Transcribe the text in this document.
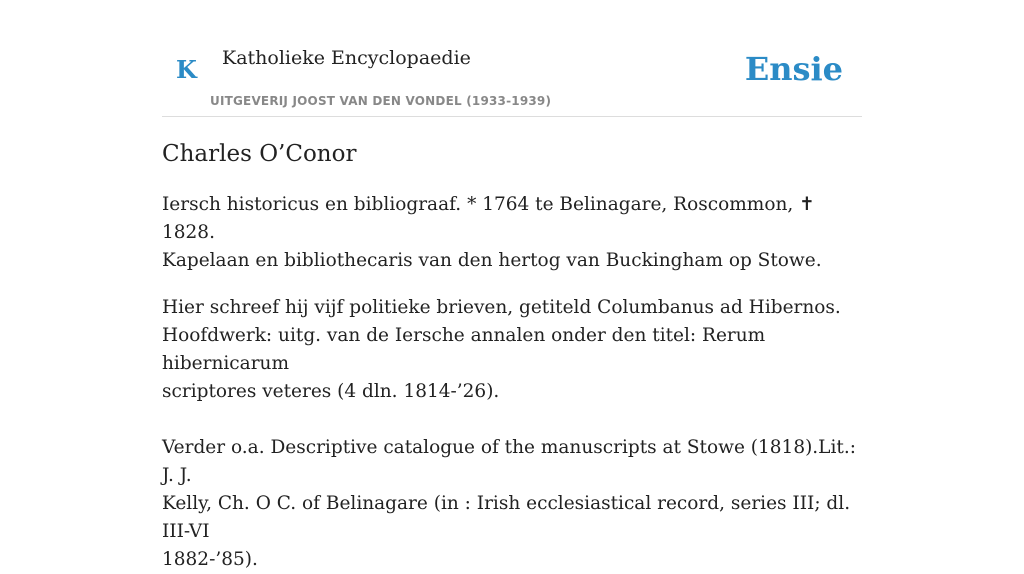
K Katholieke Encyclopaedie
UITGEVERIJ JOOST VAN DEN VONDEL (1933-1939)
Ensie
Charles O’Conor

Iersch historicus en bibliograaf. * 1764 te Belinagare, Roscommon, ✝ 1828.
Kapelaan en bibliothecaris van den hertog van Buckingham op Stowe.

Hier schreef hij vijf politieke brieven, getiteld Columbanus ad Hibernos.
Hoofdwerk: uitg. van de Iersche annalen onder den titel: Rerum hibernicarum
scriptores veteres (4 dln. 1814-’26).

Verder o.a. Descriptive catalogue of the manuscripts at Stowe (1818).Lit.: J. J.
Kelly, Ch. O C. of Belinagare (in : Irish ecclesiastical record, series III; dl. III-VI
1882-’85).
